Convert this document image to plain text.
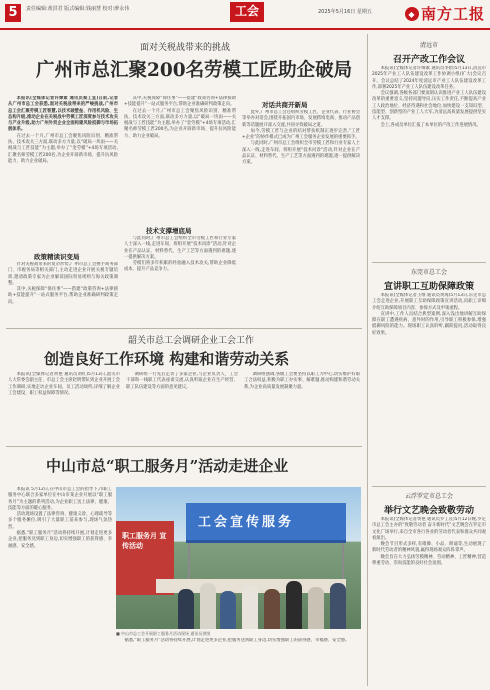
5	责任编辑:黄洪君 版式编辑:钱丽慧 校对:廖永伟	工会	2025年5月16日 星期五	◆ 南方工报
面对关税战带来的挑战
广州市总汇聚200名劳模工匠助企破局

本报讯(全媒体记者许嫦素 通讯员蔡工宣)日前,记者从广州市总工会获悉,面对关税战带来的严峻挑战,广州市总工会汇聚劳模工匠智慧,以技术破壁垒、作用机风险、生态构升级,推动企业在关税战中劳模工匠深度参与技术攻关与产业升级,助力广州外贸企业全面构建风险抵御与市场拓展体系。

在过去一个月,广州市总工会聚焦风险识别、精准帮扶、技术攻关三方面,联动多方力量,以“破局一块雨——关税战与工匠技能”为主题,举办了“金劳模”+4场专项活动,汇聚名师劳模工匠200名,为企业开辟新市场、提升抗风险能力、助力企业破局。

政策精读识变局

针对关税战带来的复杂形势,广州市总工会携手商务部门、市税务局等相关部门,主动走进企业开展关税专题培训,邀请政策专家为企业解读国际贸易规则与海关政策调整。

其中,关税保障“保住事”——搭建“政策咨询+法律援助+技能提升”一站式服务平台,帮助企业准确研判政策走向。

其中,关税保障“保住事”——搭建“政策咨询+法律援助+技能提升”一站式服务平台,帮助企业准确研判政策走向。

在过去一个月,广州市总工会聚焦风险识别、精准帮扶、技术攻关三方面,联动多方力量,以“破局一块雨——关税战与工匠技能”为主题,举办了“金劳模”+4场专项活动,汇聚名师劳模工匠200名,为企业开辟新市场、提升抗风险能力、助力企业破局。

技术支撑增底局

与此同时,广州市总工会组织全市劳模工匠和行业专家人士深入一线,走进车间、班组开展“技术问诊”活动,针对企业在产品认证、材料替代、生产工艺等方面遇到的难题,逐一提供解决方案。

劳模们将多年积累的经验融入技术攻关,帮助企业降低成本、提升产品竞争力。

对话共商开新局

此外,广州市总工会还组织劳模工匠、企业代表、行业协会等举办对话会,围绕开拓国内市场、发展跨境电商、推动产品创新等话题展开深入交流,共同寻找破局之道。

如今,劳模工匠与企业的结对帮扶机制正逐步完善,“工匠+企业”的协作模式已成为广州工会服务企业发展的重要抓手。

与此同时,广州市总工会组织全市劳模工匠和行业专家人士深入一线,走进车间、班组开展“技术问诊”活动,针对企业在产品认证、材料替代、生产工艺等方面遇到的难题,逐一提供解决方案。

韶关市总工会调研企业工会工作
创造良好工作环境 构建和谐劳动关系

本报讯(全媒体记者黄艳 通讯员刘红)5月13日,韶关市人大常委会副主任、市总工会主席赵明带队到企业开展工会工作调研,实地走访企业车间、员工活动场所,详细了解企业工会建设、职工权益保障等情况。

调研组一行先后走访了多家企业,与企业负责人、工会干部和一线职工代表座谈交流,认真听取企业在生产经营、职工队伍建设等方面的意见建议。

调研组强调,各级工会要坚持以职工为中心,切实维护好职工合法权益,积极为职工办实事、解难题,推动构建和谐劳动关系,为企业高质量发展凝聚力量。

中山市总“职工服务月”活动走进企业

本报讯 5月12日,在中山市总工会的指导下,市职工服务中心联合多家单位在中山市某企业开展以“职工服务月”为主题的系列活动,为企业职工送上法律、健康、技能等方面的暖心服务。

活动现场设置了法律咨询、健康义诊、心理疏导等多个服务摊位,吸引了大量职工前来参与,现场气氛热烈。

据悉,“职工服务月”活动将持续开展,计划走进更多企业,把服务送到职工身边,切实增强职工的获得感、幸福感、安全感。

工会宣传服务
职工服务月 宣传活动
■ 中山市总工会开展职工服务月活动现场 通讯员供图

据悉,“职工服务月”活动将持续开展,计划走进更多企业,把服务送到职工身边,切实增强职工的获得感、幸福感、安全感。

清远市
召开产改工作会议

本报讯(全媒体记者许嫦素 通讯员李碧)5月13日,清远市2025年产业工人队伍建设改革工作协调小组(扩大)会议召开。会议总结了2024年度清远市产业工人队伍建设改革工作,部署2025年产业工人队伍建设改革任务。

会议强调,各级各部门要深刻认识推进产业工人队伍建设改革的重要意义,坚持问题导向,压实工作责任,不断提高产业工人政治地位、经济待遇和社会地位,加快建设一支知识型、技能型、创新型的产业工人大军,为清远高质量发展提供坚实人才支撑。

会上,各成员单位汇报了本单位的产改工作进展情况。

东莞市总工会
宣讲职工互助保障政策

本报讯(全媒体记者王维 通讯员黄海)5月13日,东莞市总工会走进企业,开展职工互助保障政策宣讲活动,向职工详细介绍互助保障项目内容、参保方式及申领流程。

宣讲中,工作人员结合典型案例,深入浅出地讲解互助保障在职工遭遇疾病、意外时的作用,引导职工积极参保,增强抵御风险的能力。现场职工认真聆听,踊跃提问,活动取得良好效果。

云浮罗定市总工会
举行文艺晚会致敬劳动

本报讯(全媒体记者黄艳 通讯员罗工宣)5月12日晚,罗定市总工会主办的“致敬劳动者 奋斗新时代”文艺晚会在罗定市文化广场举行,来自全市各行各业的劳动者代表和群众共同观看演出。

晚会节目形式多样,有歌舞、小品、朗诵等,生动展现了新时代劳动者的精神风貌,赢得现场观众阵阵掌声。

晚会旨在大力弘扬劳模精神、劳动精神、工匠精神,营造尊重劳动、崇尚技能的良好社会氛围。
